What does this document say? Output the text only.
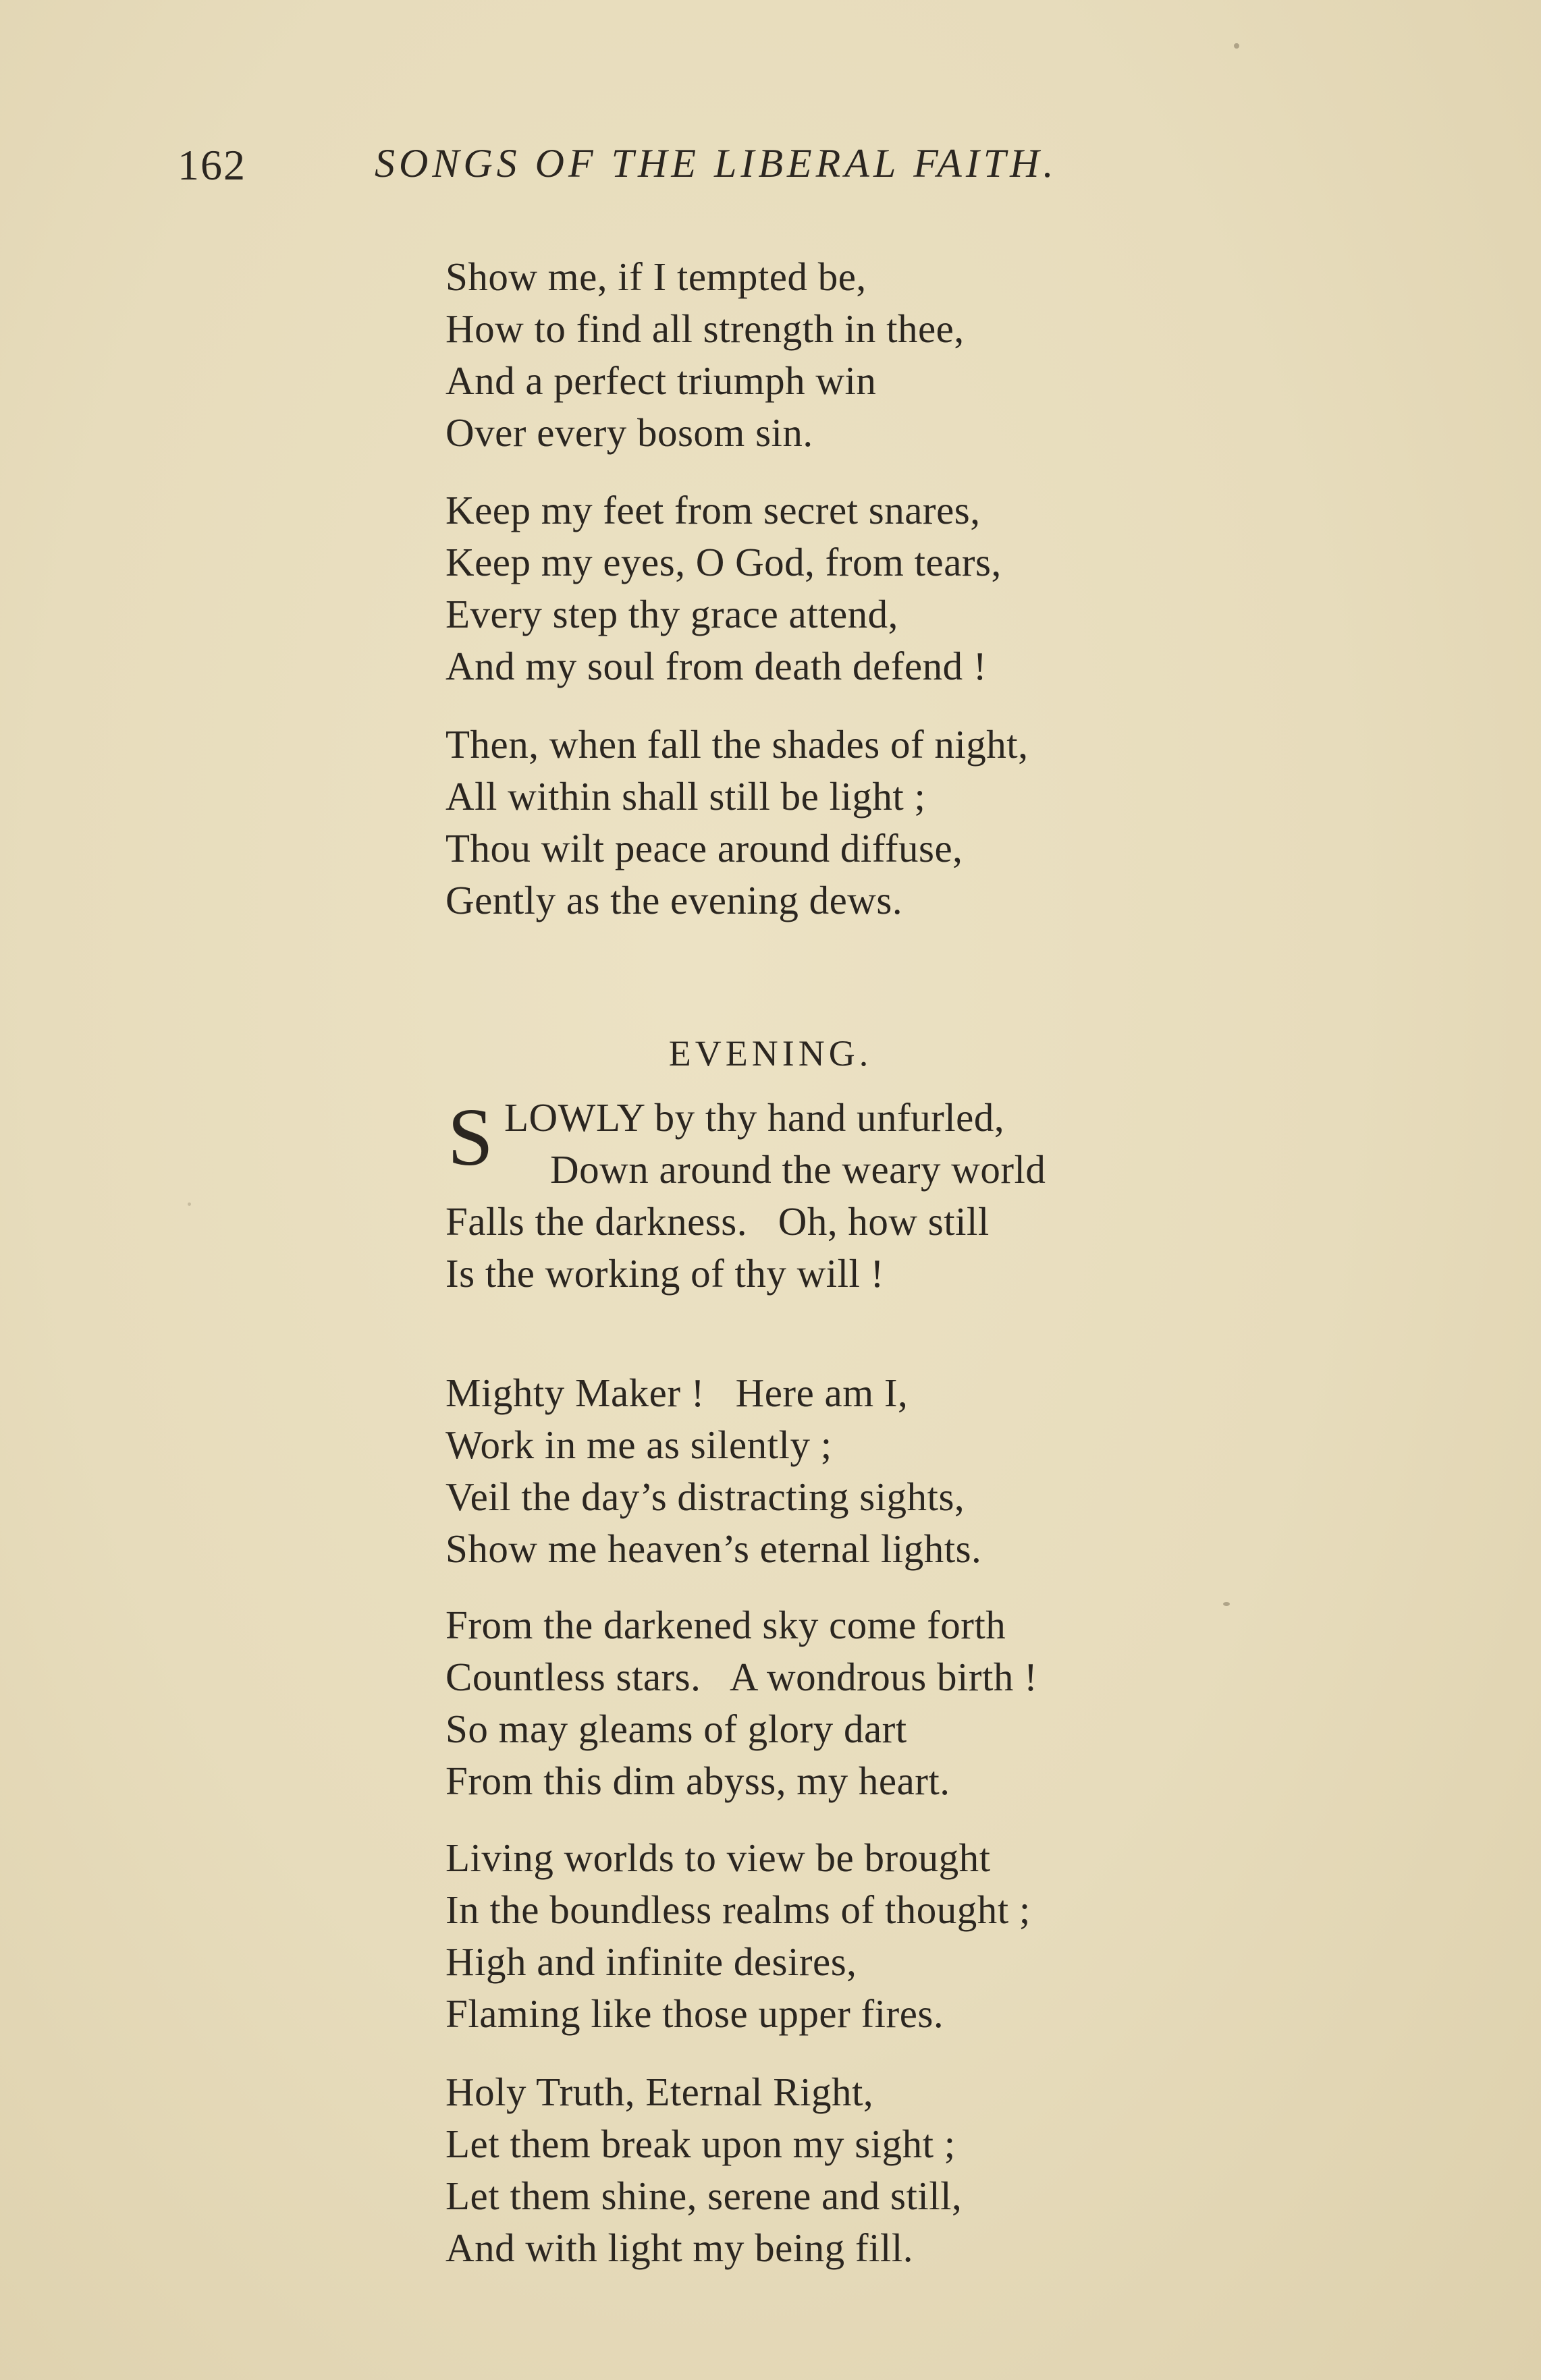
162	SONGS OF THE LIBERAL FAITH.
Show me, if I tempted be,
How to find all strength in thee,
And a perfect triumph win
Over every bosom sin.
Keep my feet from secret snares,
Keep my eyes, O God, from tears,
Every step thy grace attend,
And my soul from death defend !
Then, when fall the shades of night,
All within shall still be light ;
Thou wilt peace around diffuse,
Gently as the evening dews.
EVENING.
S LOWLY by thy hand unfurled,
Down around the weary world
Falls the darkness.   Oh, how still
Is the working of thy will !
Mighty Maker !   Here am I,
Work in me as silently ;
Veil the day’s distracting sights,
Show me heaven’s eternal lights.
From the darkened sky come forth
Countless stars.   A wondrous birth !
So may gleams of glory dart
From this dim abyss, my heart.
Living worlds to view be brought
In the boundless realms of thought ;
High and infinite desires,
Flaming like those upper fires.
Holy Truth, Eternal Right,
Let them break upon my sight ;
Let them shine, serene and still,
And with light my being fill.
